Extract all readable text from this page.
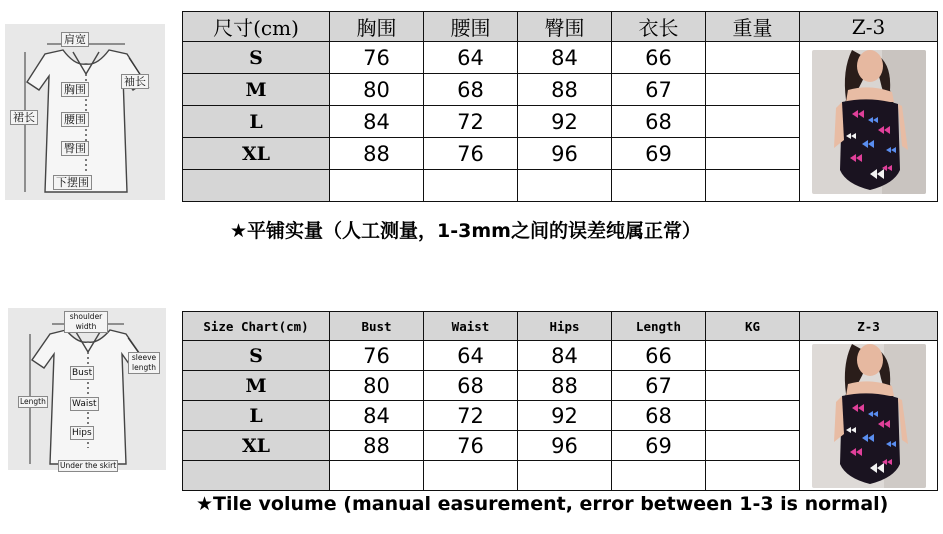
肩宽
袖长
裙长
胸围
腰围
臀围
下摆围
尺寸(cm)	胸围	腰围	臀围	衣长	重量	Z-3
S	76	64	84	66		

M	80	68	88	67		
L	84	72	92	68		
XL	88	76	96	69		

★平铺实量（人工测量，1-3mm之间的误差纯属正常）
shoulder width
sleeve length
Length
Bust
Waist
Hips
Under the skirt
Size Chart(cm)	Bust	Waist	Hips	Length	KG	Z-3
S	76	64	84	66		

M	80	68	88	67		
L	84	72	92	68		
XL	88	76	96	69		

★Tile volume (manual easurement, error between 1-3 is normal)
